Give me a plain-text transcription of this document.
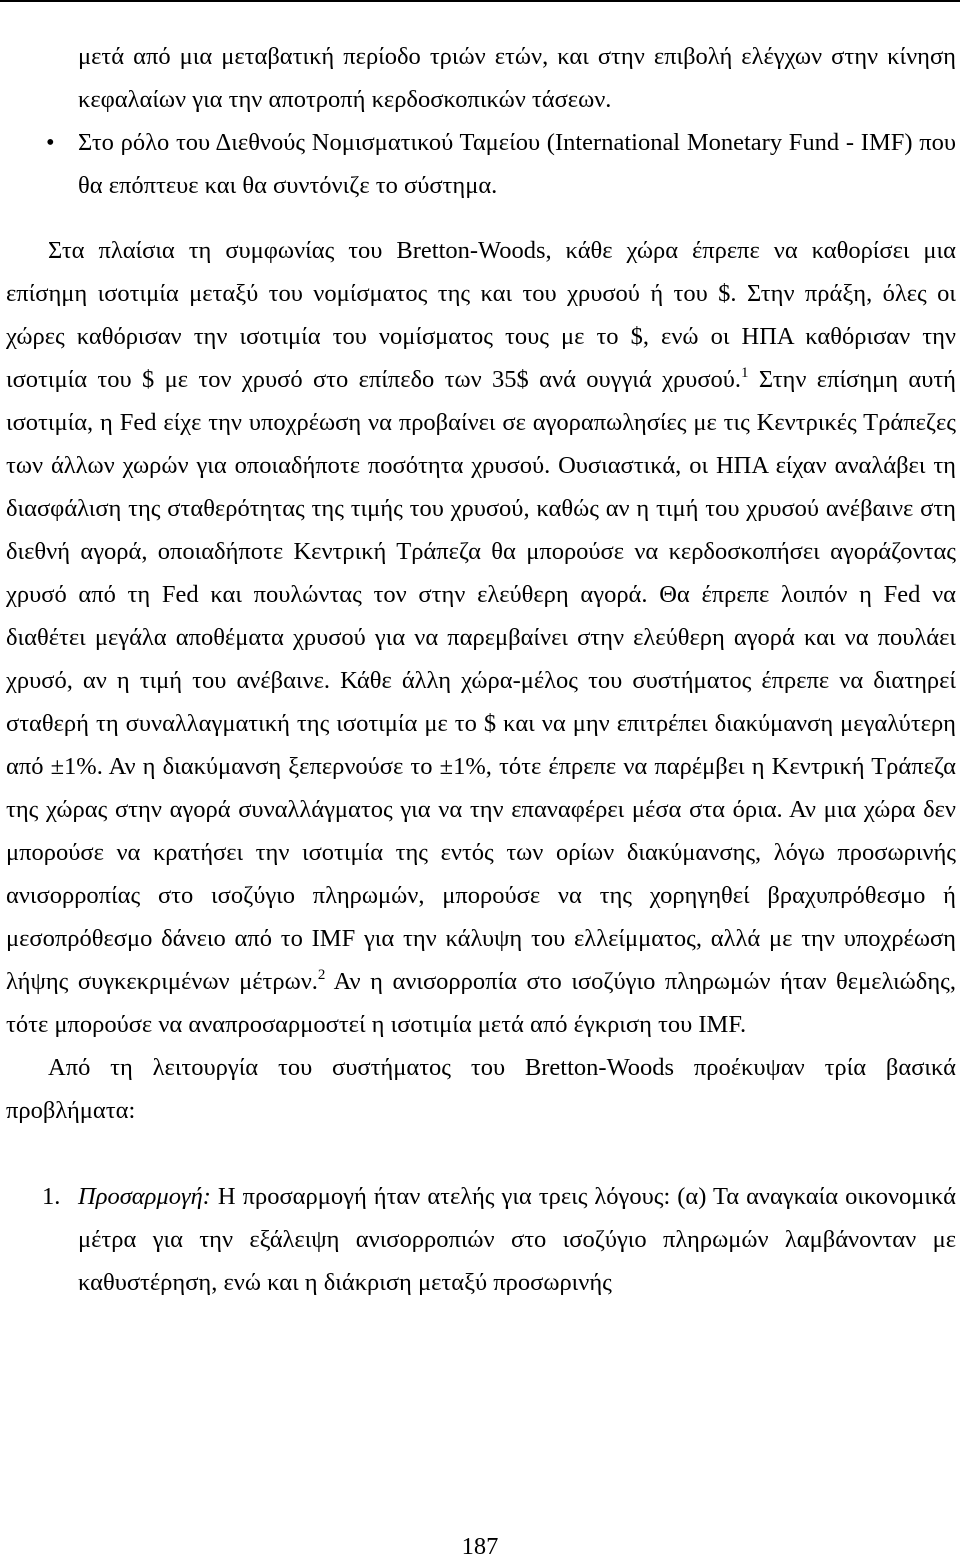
μετά από μια μεταβατική περίοδο τριών ετών, και στην επιβολή ελέγχων στην κίνηση κεφαλαίων για την αποτροπή κερδοσκοπικών τάσεων.

• Στο ρόλο του Διεθνούς Νομισματικού Ταμείου (International Monetary Fund - IMF) που θα επόπτευε και θα συντόνιζε το σύστημα.

Στα πλαίσια τη συμφωνίας του Bretton-Woods, κάθε χώρα έπρεπε να καθορίσει μια επίσημη ισοτιμία μεταξύ του νομίσματος της και του χρυσού ή του $. Στην πράξη, όλες οι χώρες καθόρισαν την ισοτιμία του νομίσματος τους με το $, ενώ οι ΗΠΑ καθόρισαν την ισοτιμία του $ με τον χρυσό στο επίπεδο των 35$ ανά ουγγιά χρυσού.$^1$ Στην επίσημη αυτή ισοτιμία, η Fed είχε την υποχρέωση να προβαίνει σε αγοραπωλησίες με τις Κεντρικές Τράπεζες των άλλων χωρών για οποιαδήποτε ποσότητα χρυσού. Ουσιαστικά, οι ΗΠΑ είχαν αναλάβει τη διασφάλιση της σταθερότητας της τιμής του χρυσού, καθώς αν η τιμή του χρυσού ανέβαινε στη διεθνή αγορά, οποιαδήποτε Κεντρική Τράπεζα θα μπορούσε να κερδοσκοπήσει αγοράζοντας χρυσό από τη Fed και πουλώντας τον στην ελεύθερη αγορά. Θα έπρεπε λοιπόν η Fed να διαθέτει μεγάλα αποθέματα χρυσού για να παρεμβαίνει στην ελεύθερη αγορά και να πουλάει χρυσό, αν η τιμή του ανέβαινε. Κάθε άλλη χώρα-μέλος του συστήματος έπρεπε να διατηρεί σταθερή τη συναλλαγματική της ισοτιμία με το $ και να μην επιτρέπει διακύμανση μεγαλύτερη από ±1%. Αν η διακύμανση ξεπερνούσε το ±1%, τότε έπρεπε να παρέμβει η Κεντρική Τράπεζα της χώρας στην αγορά συναλλάγματος για να την επαναφέρει μέσα στα όρια. Αν μια χώρα δεν μπορούσε να κρατήσει την ισοτιμία της εντός των ορίων διακύμανσης, λόγω προσωρινής ανισορροπίας στο ισοζύγιο πληρωμών, μπορούσε να της χορηγηθεί βραχυπρόθεσμο ή μεσοπρόθεσμο δάνειο από το IMF για την κάλυψη του ελλείμματος, αλλά με την υποχρέωση λήψης συγκεκριμένων μέτρων.$^2$ Αν η ανισορροπία στο ισοζύγιο πληρωμών ήταν θεμελιώδης, τότε μπορούσε να αναπροσαρμοστεί η ισοτιμία μετά από έγκριση του IMF.

Από τη λειτουργία του συστήματος του Bretton-Woods προέκυψαν τρία βασικά προβλήματα:

1. Προσαρμογή: Η προσαρμογή ήταν ατελής για τρεις λόγους: (α) Τα αναγκαία οικονομικά μέτρα για την εξάλειψη ανισορροπιών στο ισοζύγιο πληρωμών λαμβάνονταν με καθυστέρηση, ενώ και η διάκριση μεταξύ προσωρινής

187
